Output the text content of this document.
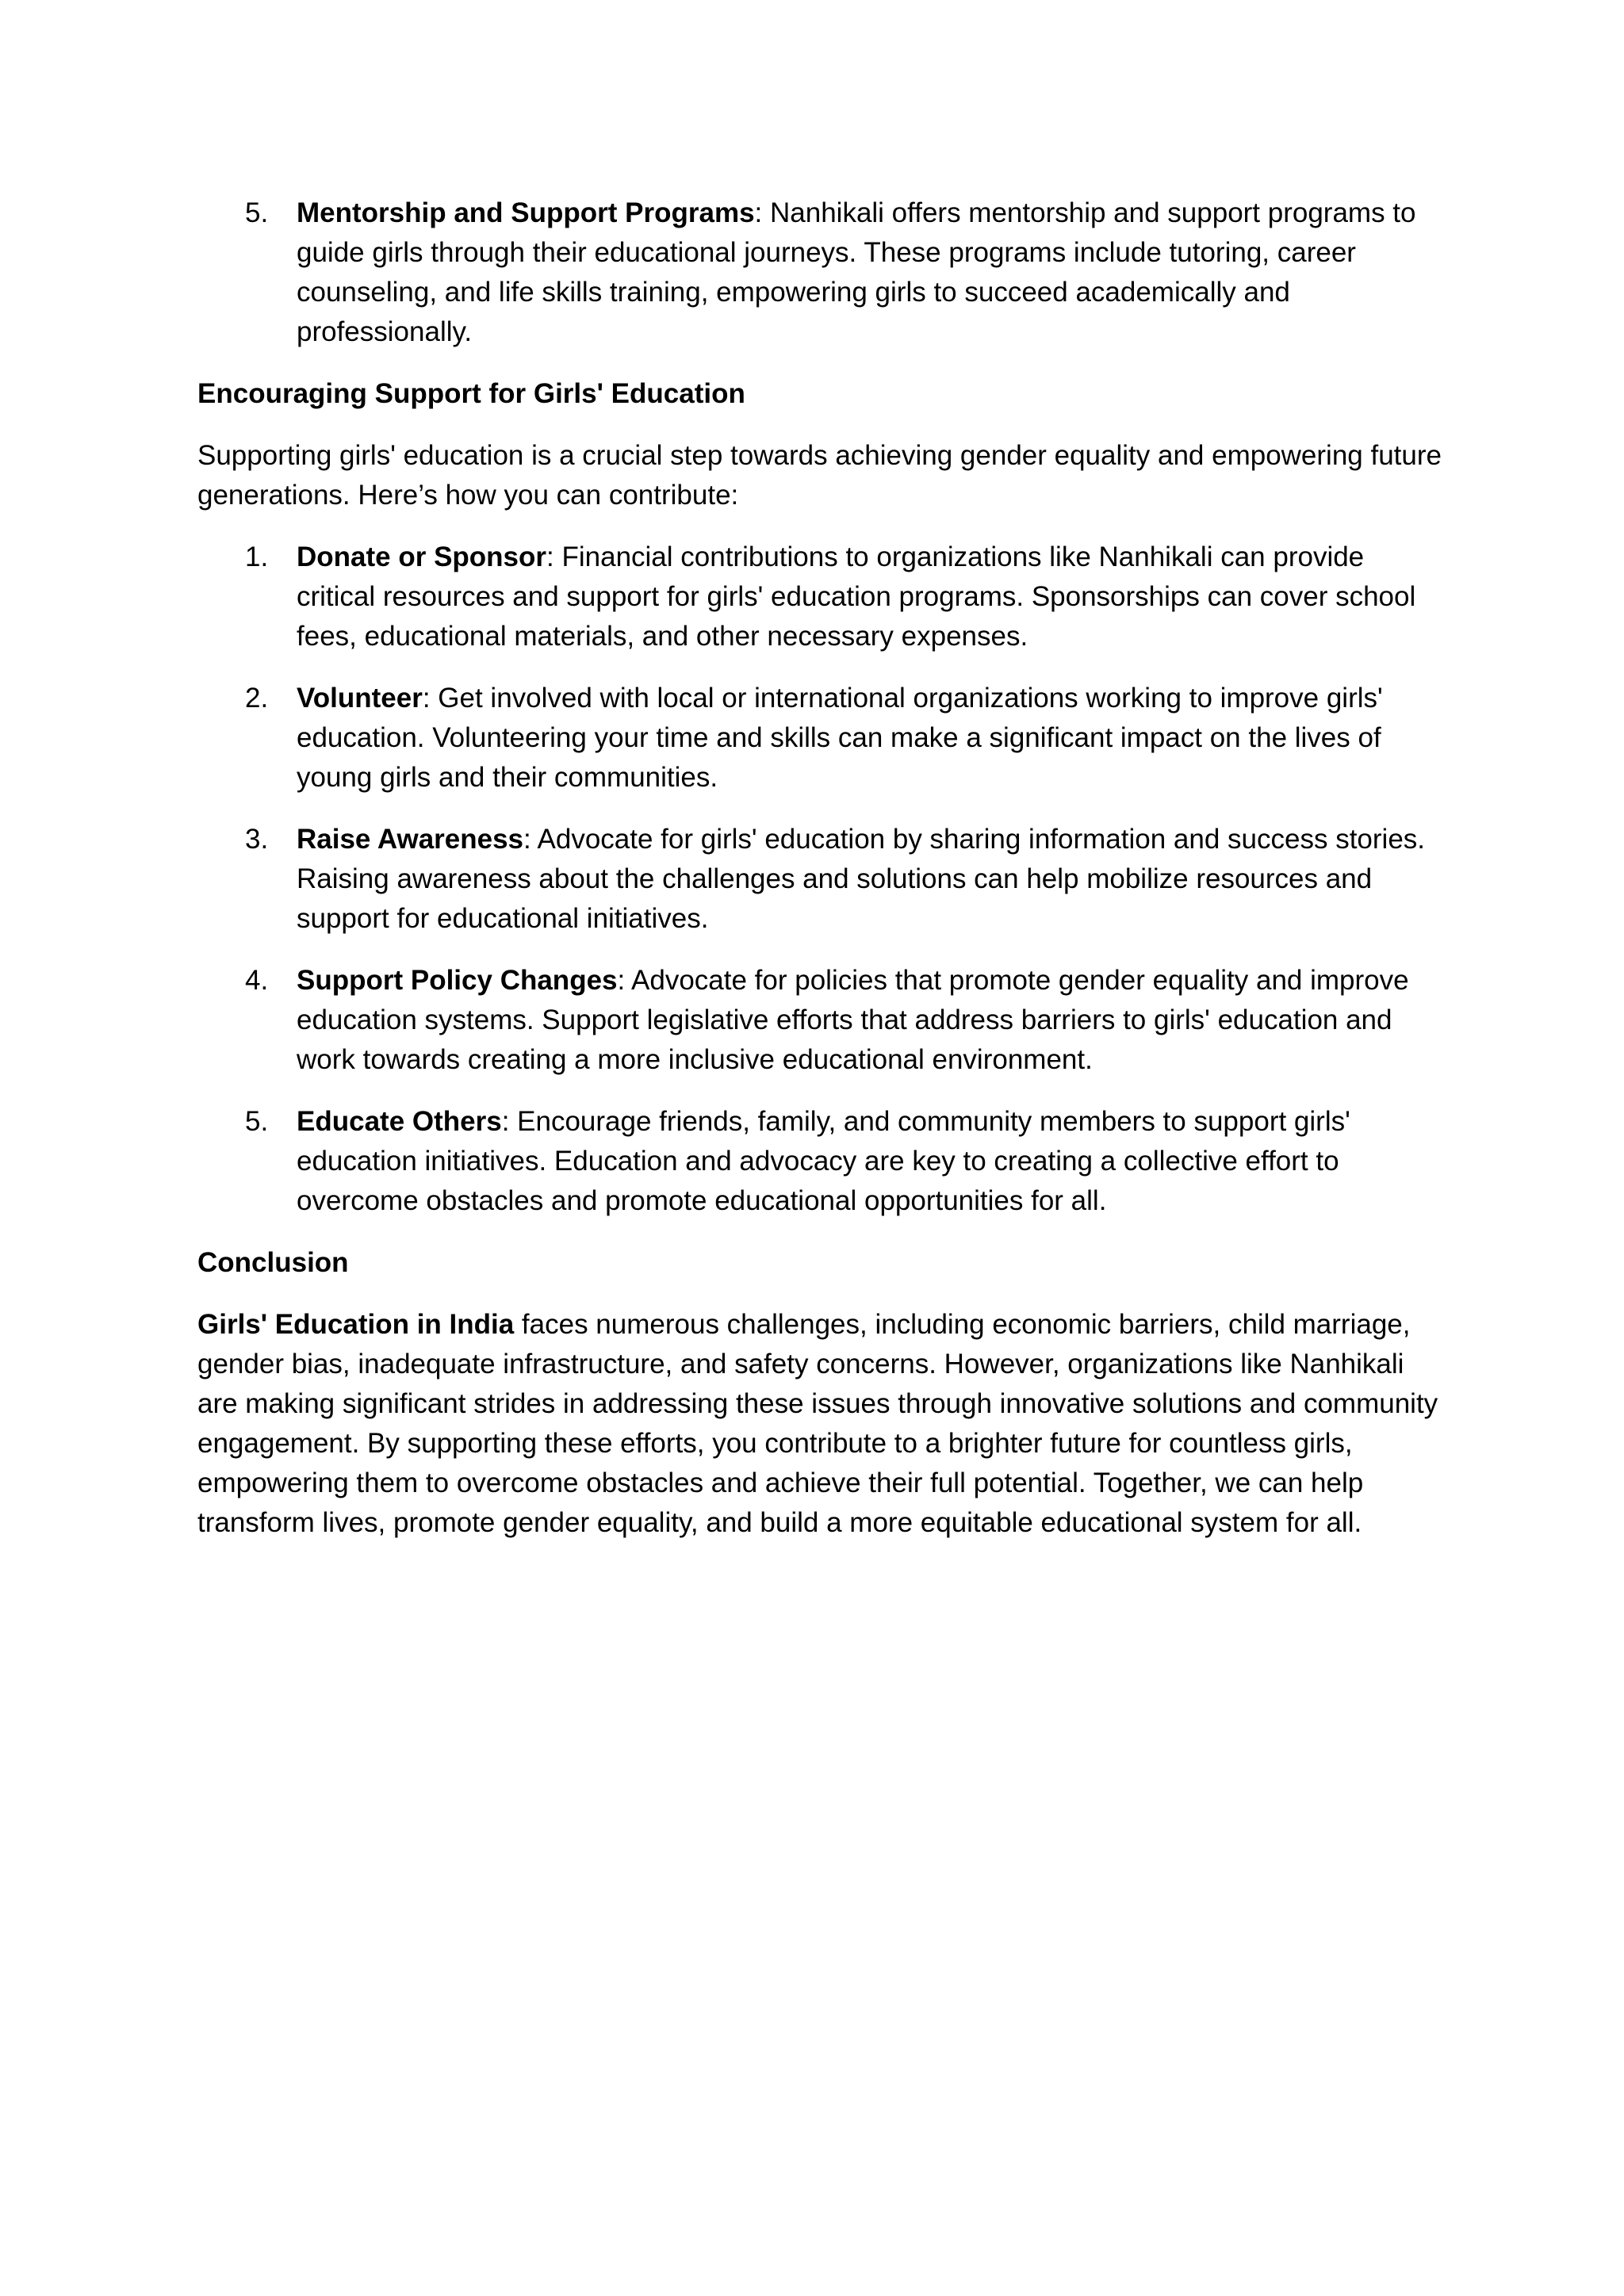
5. Mentorship and Support Programs: Nanhikali offers mentorship and support programs to guide girls through their educational journeys. These programs include tutoring, career counseling, and life skills training, empowering girls to succeed academically and professionally.
Encouraging Support for Girls' Education

Supporting girls' education is a crucial step towards achieving gender equality and empowering future generations. Here’s how you can contribute:

1. Donate or Sponsor: Financial contributions to organizations like Nanhikali can provide critical resources and support for girls' education programs. Sponsorships can cover school fees, educational materials, and other necessary expenses.
2. Volunteer: Get involved with local or international organizations working to improve girls' education. Volunteering your time and skills can make a significant impact on the lives of young girls and their communities.
3. Raise Awareness: Advocate for girls' education by sharing information and success stories. Raising awareness about the challenges and solutions can help mobilize resources and support for educational initiatives.
4. Support Policy Changes: Advocate for policies that promote gender equality and improve education systems. Support legislative efforts that address barriers to girls' education and work towards creating a more inclusive educational environment.
5. Educate Others: Encourage friends, family, and community members to support girls' education initiatives. Education and advocacy are key to creating a collective effort to overcome obstacles and promote educational opportunities for all.
Conclusion

Girls' Education in India faces numerous challenges, including economic barriers, child marriage, gender bias, inadequate infrastructure, and safety concerns. However, organizations like Nanhikali are making significant strides in addressing these issues through innovative solutions and community engagement. By supporting these efforts, you contribute to a brighter future for countless girls, empowering them to overcome obstacles and achieve their full potential. Together, we can help transform lives, promote gender equality, and build a more equitable educational system for all.
